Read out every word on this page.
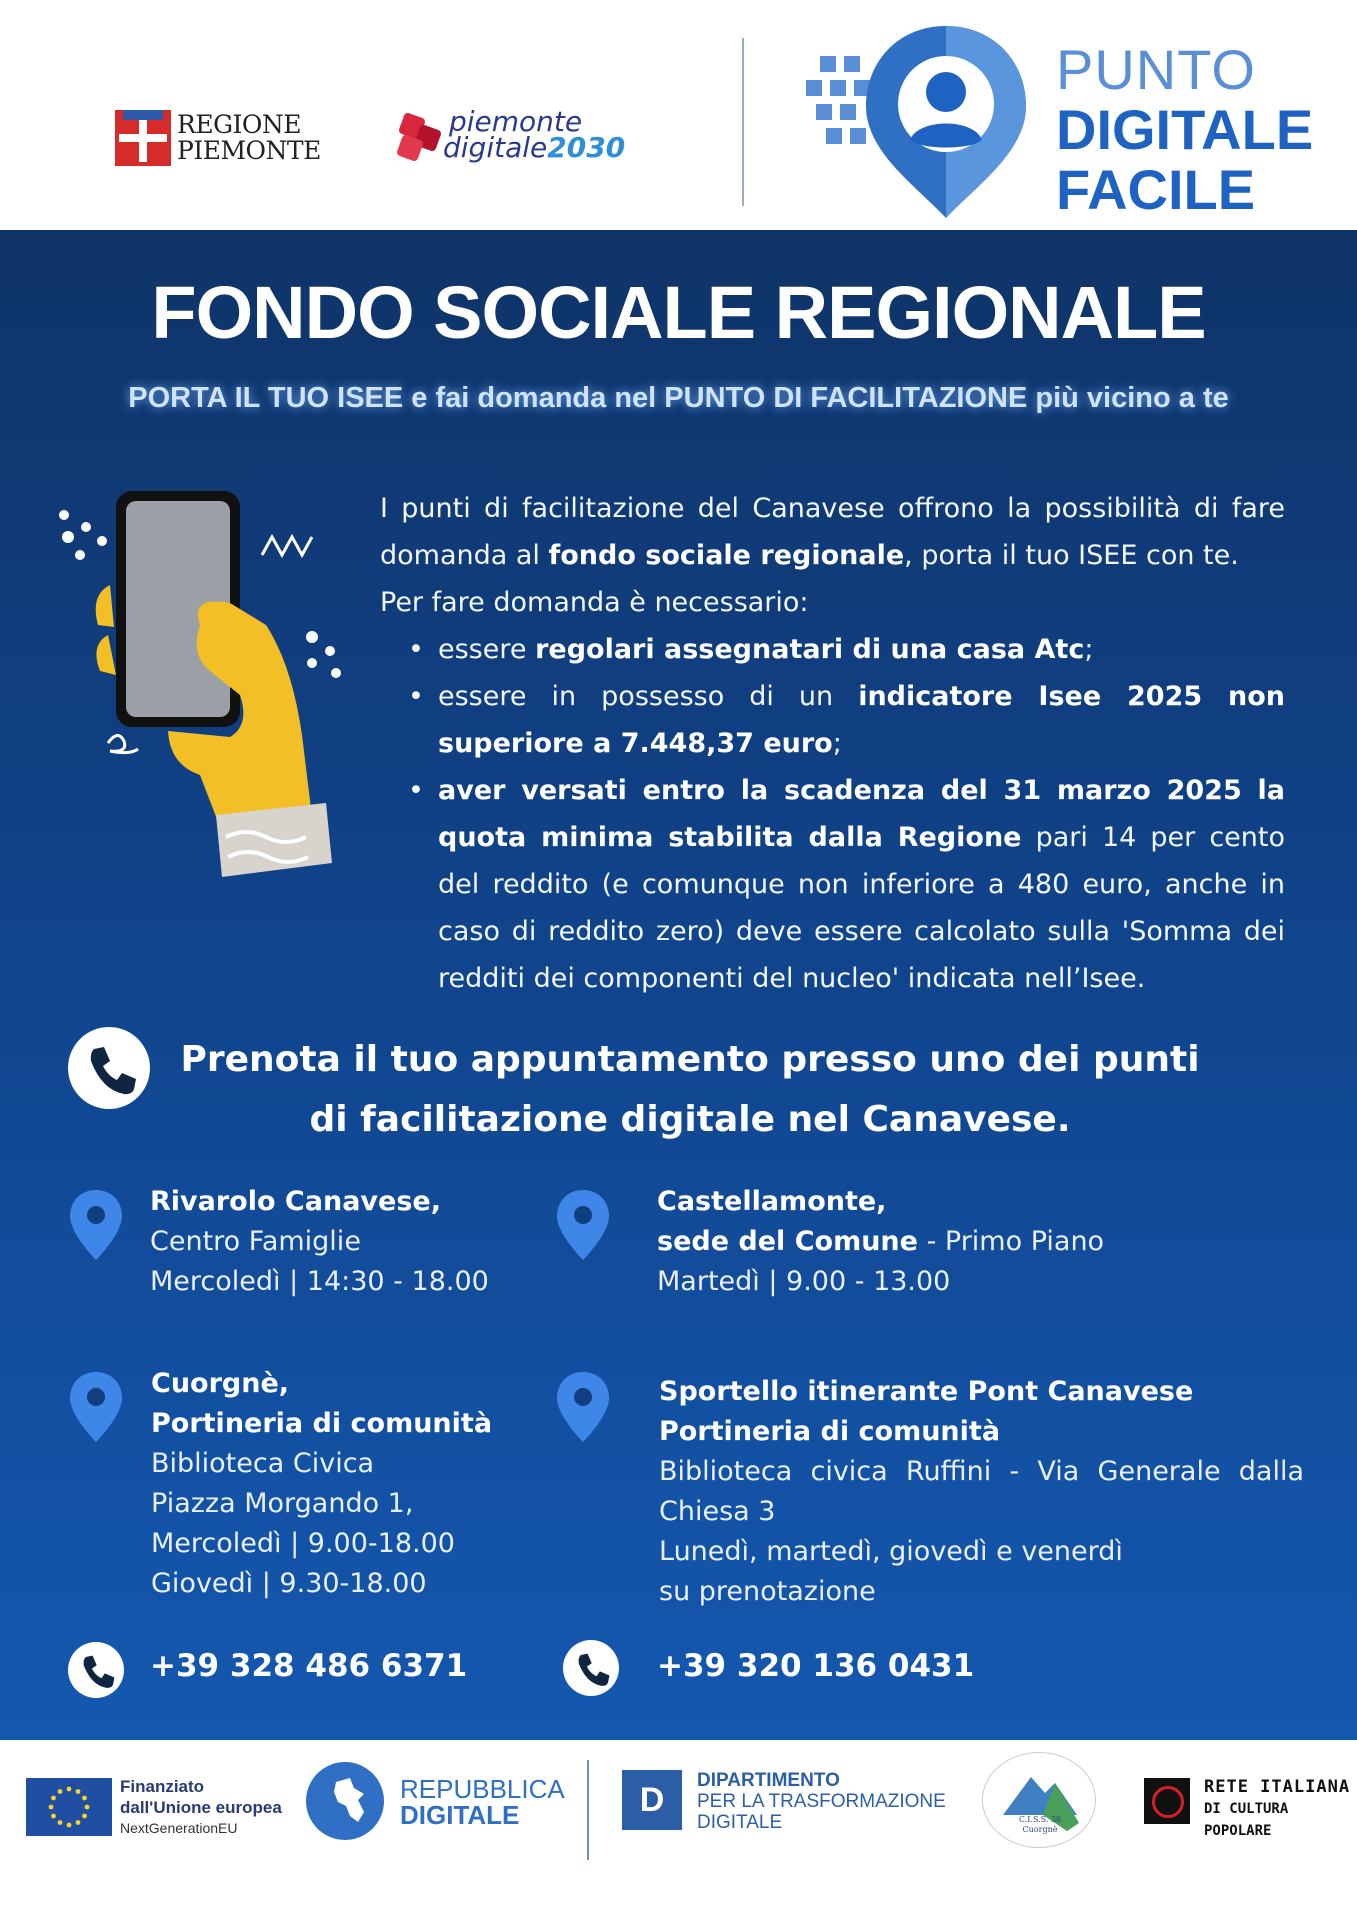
REGIONE
PIEMONTE
piemonte
digitale2030
PUNTO
DIGITALE
FACILE
FONDO SOCIALE REGIONALE
PORTA IL TUO ISEE e fai domanda nel PUNTO DI FACILITAZIONE più vicino a te

I punti di facilitazione del Canavese offrono la possibilità di fare domanda al fondo sociale regionale, porta il tuo ISEE con te.

Per fare domanda è necessario:

• essere regolari assegnatari di una casa Atc;
• essere in possesso di un indicatore Isee 2025 non superiore a 7.448,37 euro;
• aver versati entro la scadenza del 31 marzo 2025 la quota minima stabilita dalla Regione pari 14 per cento del reddito (e comunque non inferiore a 480 euro, anche in caso di reddito zero) deve essere calcolato sulla 'Somma dei redditi dei componenti del nucleo' indicata nell’Isee.
Prenota il tuo appuntamento presso uno dei punti di facilitazione digitale nel Canavese.
Rivarolo Canavese,
Centro Famiglie
Mercoledì | 14:30 - 18.00
Castellamonte,
sede del Comune - Primo Piano
Martedì | 9.00 - 13.00
Cuorgnè,
Portineria di comunità
Biblioteca Civica
Piazza Morgando 1,
Mercoledì | 9.00-18.00
Giovedì | 9.30-18.00
Sportello itinerante Pont Canavese
Portineria di comunità
Biblioteca civica Ruffini - Via Generale dalla Chiesa 3
Lunedì, martedì, giovedì e venerdì
su prenotazione
+39 328 486 6371	+39 320 136 0431
Finanziato
dall'Unione europea
NextGenerationEU
REPUBBLICA
DIGITALE	D
DIPARTIMENTO
PER LA TRASFORMAZIONE
DIGITALE	C.I.S.S. 38
Cuorgnè
RETE ITALIANA
DI CULTURA POPOLARE
